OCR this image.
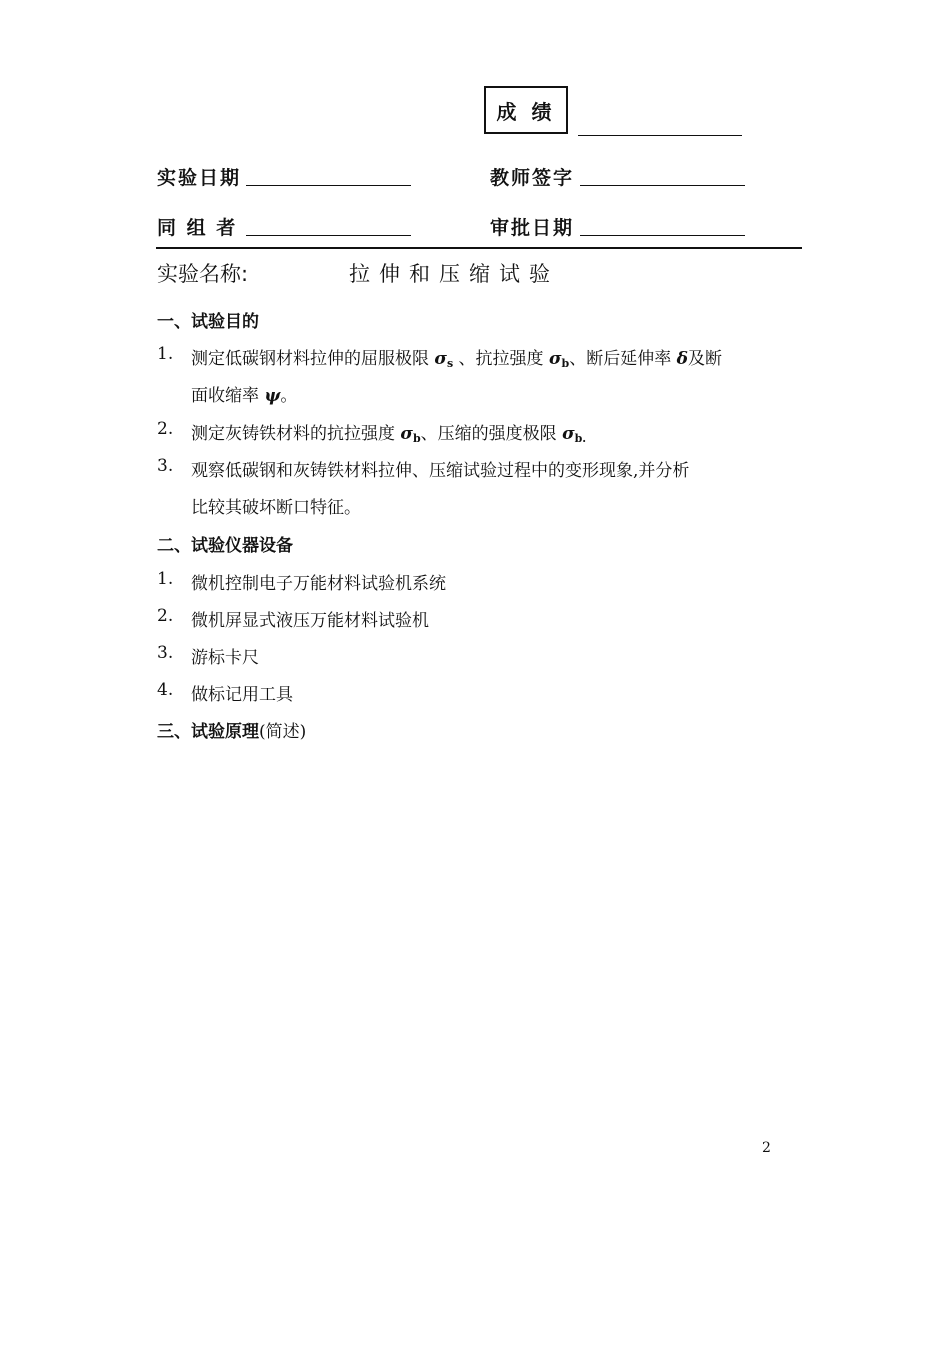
成 绩
实验日期	教师签字
同 组 者	审批日期
实验名称:	拉伸和压缩试验
一、试验目的
1. 测定低碳钢材料拉伸的屈服极限 $\sigma_s$ 、抗拉强度 $\sigma_b$、断后延伸率 δ及断
面收缩率 ψ。
2. 测定灰铸铁材料的抗拉强度 $\sigma_b$、压缩的强度极限 $\sigma_{b.}$
3. 观察低碳钢和灰铸铁材料拉伸、压缩试验过程中的变形现象,并分析
比较其破坏断口特征。
二、试验仪器设备
1. 微机控制电子万能材料试验机系统
2. 微机屏显式液压万能材料试验机
3. 游标卡尺
4. 做标记用工具
三、试验原理(简述)
2
